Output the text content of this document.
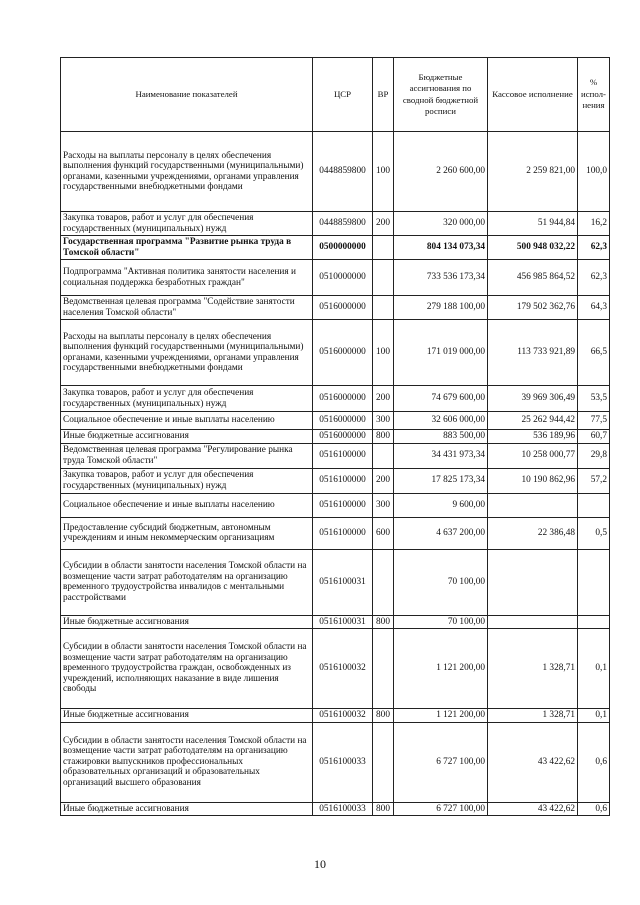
Наименование показателей	ЦСР	ВР	Бюджетные ассигнования по сводной бюджетной росписи	Кассовое исполнение	% испол-нения
Расходы на выплаты персоналу в целях обеспечения выполнения функций государственными (муниципальными) органами, казенными учреждениями, органами управления государственными внебюджетными фондами	0448859800	100	2 260 600,00	2 259 821,00	100,0
Закупка товаров, работ и услуг для обеспечения государственных (муниципальных) нужд	0448859800	200	320 000,00	51 944,84	16,2
Государственная программа "Развитие рынка труда в Томской области"	0500000000		804 134 073,34	500 948 032,22	62,3
Подпрограмма "Активная политика занятости населения и социальная поддержка безработных граждан"	0510000000		733 536 173,34	456 985 864,52	62,3
Ведомственная целевая программа "Содействие занятости населения Томской области"	0516000000		279 188 100,00	179 502 362,76	64,3
Расходы на выплаты персоналу в целях обеспечения выполнения функций государственными (муниципальными) органами, казенными учреждениями, органами управления государственными внебюджетными фондами	0516000000	100	171 019 000,00	113 733 921,89	66,5
Закупка товаров, работ и услуг для обеспечения государственных (муниципальных) нужд	0516000000	200	74 679 600,00	39 969 306,49	53,5
Социальное обеспечение и иные выплаты населению	0516000000	300	32 606 000,00	25 262 944,42	77,5
Иные бюджетные ассигнования	0516000000	800	883 500,00	536 189,96	60,7
Ведомственная целевая программа "Регулирование рынка труда Томской области"	0516100000		34 431 973,34	10 258 000,77	29,8
Закупка товаров, работ и услуг для обеспечения государственных (муниципальных) нужд	0516100000	200	17 825 173,34	10 190 862,96	57,2
Социальное обеспечение и иные выплаты населению	0516100000	300	9 600,00		
Предоставление субсидий бюджетным, автономным учреждениям и иным некоммерческим организациям	0516100000	600	4 637 200,00	22 386,48	0,5
Субсидии в области занятости населения Томской области на возмещение части затрат работодателям на организацию временного трудоустройства инвалидов с ментальными расстройствами	0516100031		70 100,00		
Иные бюджетные ассигнования	0516100031	800	70 100,00		
Субсидии в области занятости населения Томской области на возмещение части затрат работодателям на организацию временного трудоустройства граждан, освобожденных из учреждений, исполняющих наказание в виде лишения свободы	0516100032		1 121 200,00	1 328,71	0,1
Иные бюджетные ассигнования	0516100032	800	1 121 200,00	1 328,71	0,1
Субсидии в области занятости населения Томской области на возмещение части затрат работодателям на организацию стажировки выпускников профессиональных образовательных организаций и образовательных организаций высшего образования	0516100033		6 727 100,00	43 422,62	0,6
Иные бюджетные ассигнования	0516100033	800	6 727 100,00	43 422,62	0,6
10
